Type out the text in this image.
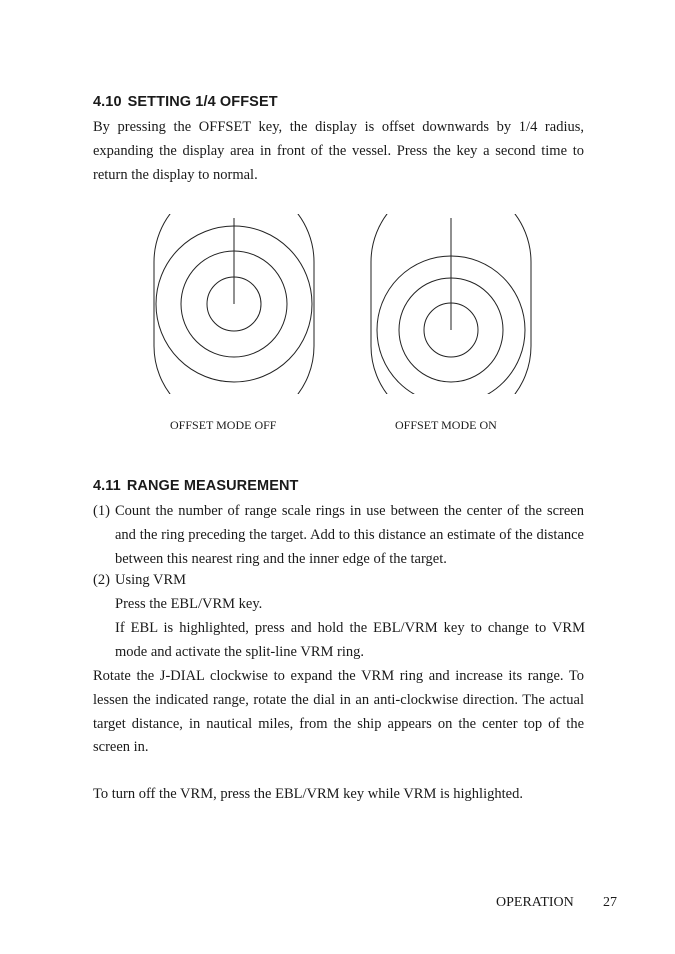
4.10 SETTING 1/4 OFFSET

By pressing the OFFSET key, the display is offset downwards by 1/4 radius, expanding the display area in front of the vessel. Press the key a second time to return the display to normal.

OFFSET MODE OFF	OFFSET MODE ON
4.11 RANGE MEASUREMENT
(1) Count the number of range scale rings in use between the center of the screen and the ring preceding the target. Add to this distance an estimate of the distance between this nearest ring and the inner edge of the target.
(2) Using VRM
Press the EBL/VRM key.
If EBL is highlighted, press and hold the EBL/VRM key to change to VRM mode and activate the split-line VRM ring.

Rotate the J-DIAL clockwise to expand the VRM ring and increase its range. To lessen the indicated range, rotate the dial in an anti-clockwise direction. The actual target distance, in nautical miles, from the ship appears on the center top of the screen in.

To turn off the VRM, press the EBL/VRM key while VRM is highlighted.

OPERATION 27
